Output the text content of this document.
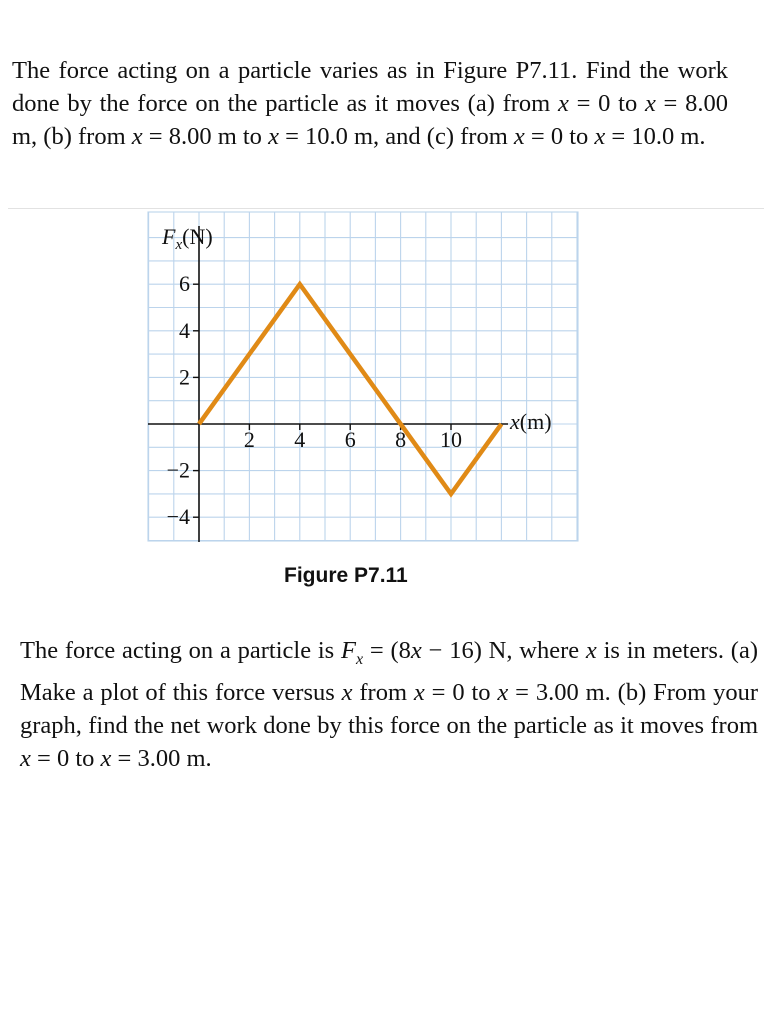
The force acting on a particle varies as in Figure P7.11. Find the work done by the force on the particle as it moves (a) from x = 0 to x = 8.00 m, (b) from x = 8.00 m to x = 10.0 m, and (c) from x = 0 to x = 10.0 m.

6
4
2
−2
−4
2 4 6 8 10
$F_x(N)$
x(m)

Figure P7.11

The force acting on a particle is $F_x = (8x - 16)$ N, where x is in meters. (a) Make a plot of this force versus x from x = 0 to x = 3.00 m. (b) From your graph, find the net work done by this force on the particle as it moves from x = 0 to x = 3.00 m.
